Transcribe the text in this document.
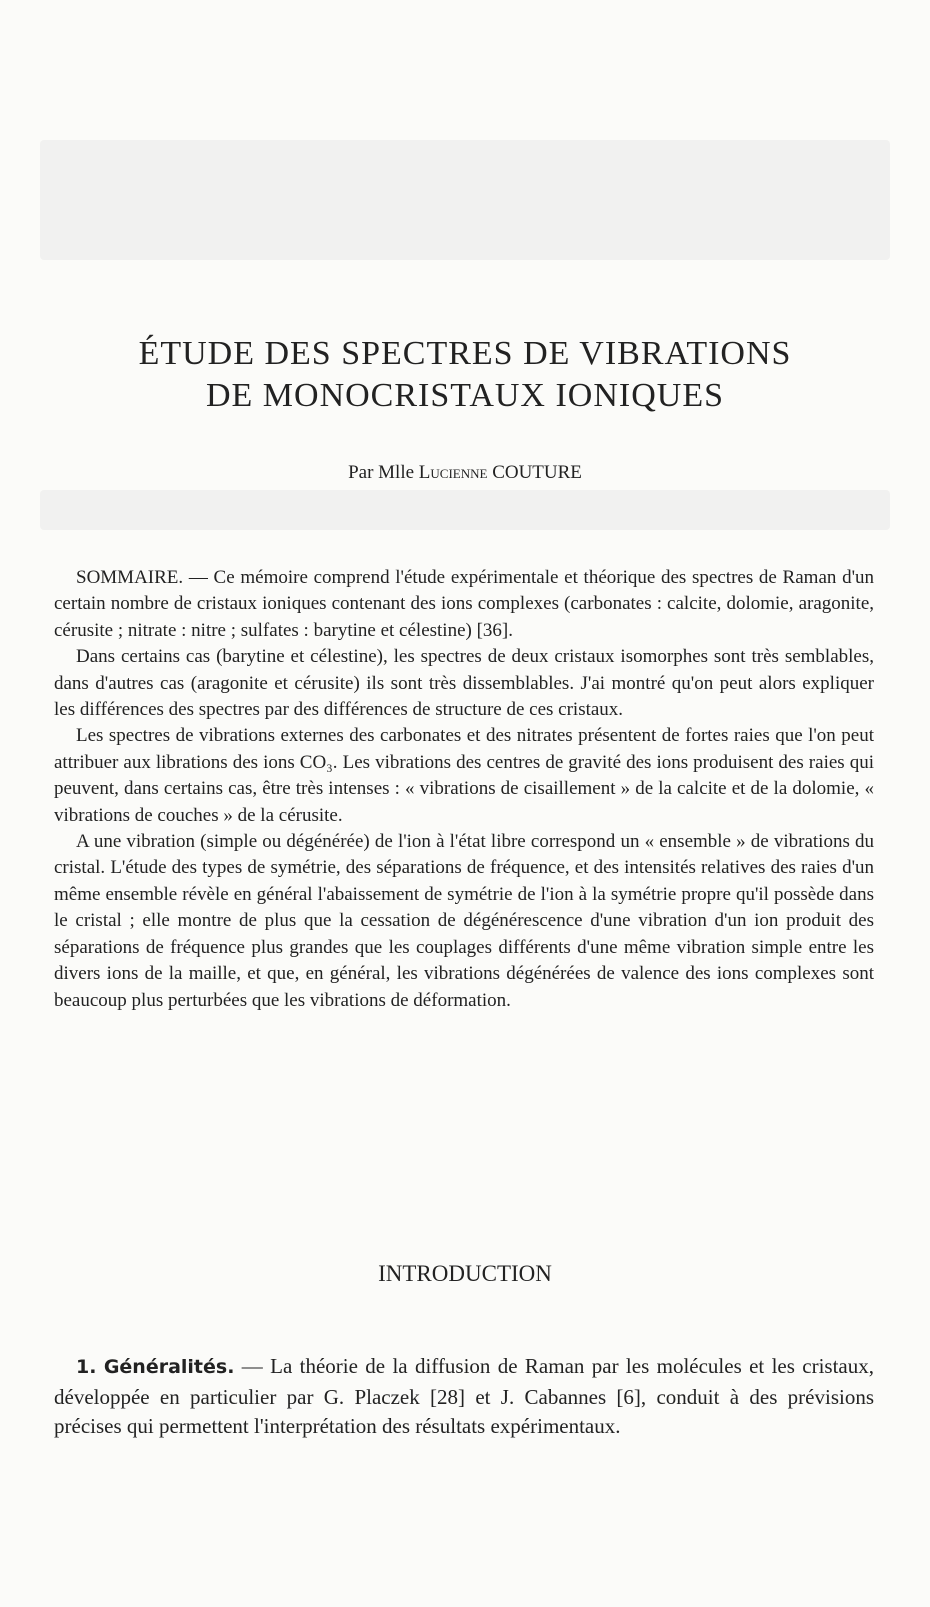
ÉTUDE DES SPECTRES DE VIBRATIONS
DE MONOCRISTAUX IONIQUES
Par Mlle Lucienne COUTURE

SOMMAIRE. — Ce mémoire comprend l'étude expérimentale et théorique des spectres de Raman d'un certain nombre de cristaux ioniques contenant des ions complexes (carbonates : calcite, dolomie, aragonite, cérusite ; nitrate : nitre ; sulfates : barytine et célestine) [36].

Dans certains cas (barytine et célestine), les spectres de deux cristaux isomorphes sont très semblables, dans d'autres cas (aragonite et cérusite) ils sont très dissemblables. J'ai montré qu'on peut alors expliquer les différences des spectres par des différences de structure de ces cristaux.

Les spectres de vibrations externes des carbonates et des nitrates présentent de fortes raies que l'on peut attribuer aux librations des ions CO₃. Les vibrations des centres de gravité des ions produisent des raies qui peuvent, dans certains cas, être très intenses : « vibrations de cisaillement » de la calcite et de la dolomie, « vibrations de couches » de la cérusite.

A une vibration (simple ou dégénérée) de l'ion à l'état libre correspond un « ensemble » de vibrations du cristal. L'étude des types de symétrie, des séparations de fréquence, et des intensités relatives des raies d'un même ensemble révèle en général l'abaissement de symétrie de l'ion à la symétrie propre qu'il possède dans le cristal ; elle montre de plus que la cessation de dégénérescence d'une vibration d'un ion produit des séparations de fréquence plus grandes que les couplages différents d'une même vibration simple entre les divers ions de la maille, et que, en général, les vibrations dégénérées de valence des ions complexes sont beaucoup plus perturbées que les vibrations de déformation.

INTRODUCTION

1. Généralités. — La théorie de la diffusion de Raman par les molécules et les cristaux, développée en particulier par G. Placzek [28] et J. Cabannes [6], conduit à des prévisions précises qui permettent l'interprétation des résultats expérimentaux.
